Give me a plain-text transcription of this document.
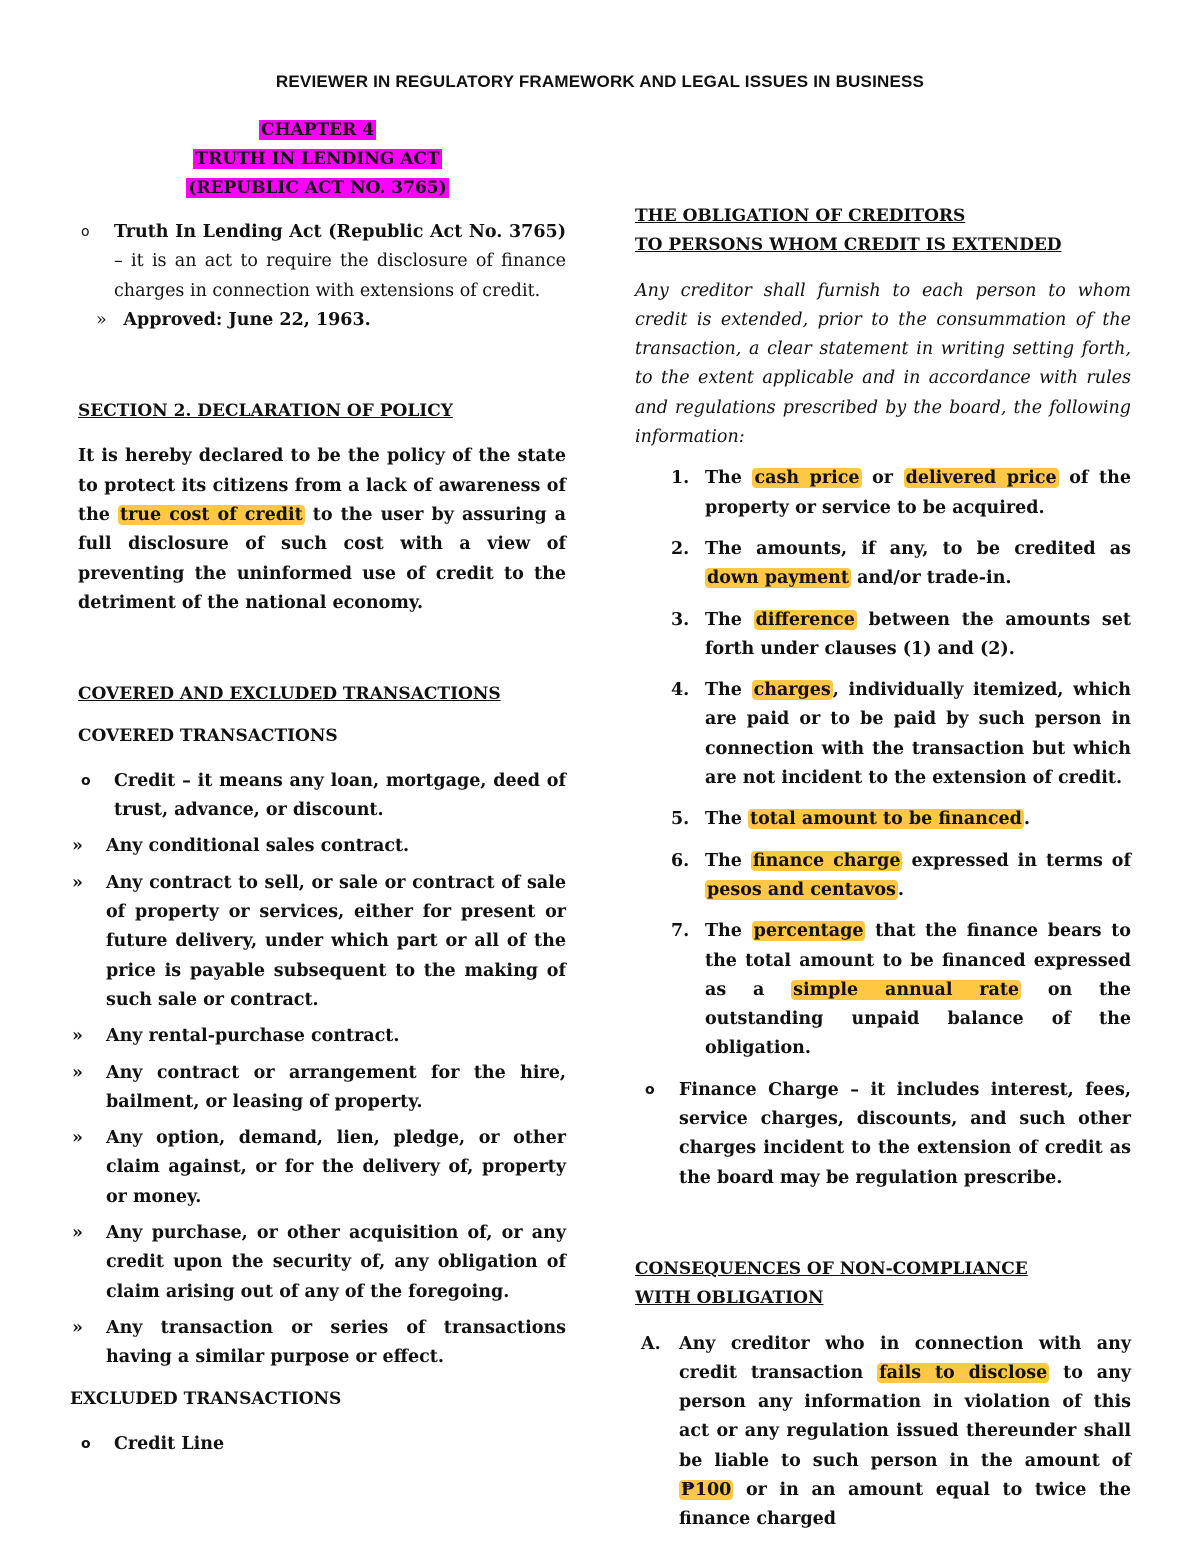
REVIEWER IN REGULATORY FRAMEWORK AND LEGAL ISSUES IN BUSINESS
CHAPTER 4
TRUTH IN LENDING ACT
(REPUBLIC ACT NO. 3765)
o Truth In Lending Act (Republic Act No. 3765) – it is an act to require the disclosure of finance charges in connection with extensions of credit.
» Approved: June 22, 1963.
SECTION 2. DECLARATION OF POLICY
It is hereby declared to be the policy of the state to protect its citizens from a lack of awareness of the true cost of credit to the user by assuring a full disclosure of such cost with a view of preventing the uninformed use of credit to the detriment of the national economy.
COVERED AND EXCLUDED TRANSACTIONS
COVERED TRANSACTIONS
o Credit – it means any loan, mortgage, deed of trust, advance, or discount.
» Any conditional sales contract.
» Any contract to sell, or sale or contract of sale of property or services, either for present or future delivery, under which part or all of the price is payable subsequent to the making of such sale or contract.
» Any rental-purchase contract.
» Any contract or arrangement for the hire, bailment, or leasing of property.
» Any option, demand, lien, pledge, or other claim against, or for the delivery of, property or money.
» Any purchase, or other acquisition of, or any credit upon the security of, any obligation of claim arising out of any of the foregoing.
» Any transaction or series of transactions having a similar purpose or effect.
EXCLUDED TRANSACTIONS
o Credit Line
THE OBLIGATION OF CREDITORS
TO PERSONS WHOM CREDIT IS EXTENDED
Any creditor shall furnish to each person to whom credit is extended, prior to the consummation of the transaction, a clear statement in writing setting forth, to the extent applicable and in accordance with rules and regulations prescribed by the board, the following information:
1. The cash price or delivered price of the property or service to be acquired.
2. The amounts, if any, to be credited as down payment and/or trade-in.
3. The difference between the amounts set forth under clauses (1) and (2).
4. The charges , individually itemized, which are paid or to be paid by such person in connection with the transaction but which are not incident to the extension of credit.
5. The total amount to be financed .
6. The finance charge expressed in terms of pesos and centavos .
7. The percentage that the finance bears to the total amount to be financed expressed as a simple annual rate on the outstanding unpaid balance of the obligation.
o Finance Charge – it includes interest, fees, service charges, discounts, and such other charges incident to the extension of credit as the board may be regulation prescribe.
CONSEQUENCES OF NON-COMPLIANCE
WITH OBLIGATION
A. Any creditor who in connection with any credit transaction fails to disclose to any person any information in violation of this act or any regulation issued thereunder shall be liable to such person in the amount of ₱100 or in an amount equal to twice the finance charged
